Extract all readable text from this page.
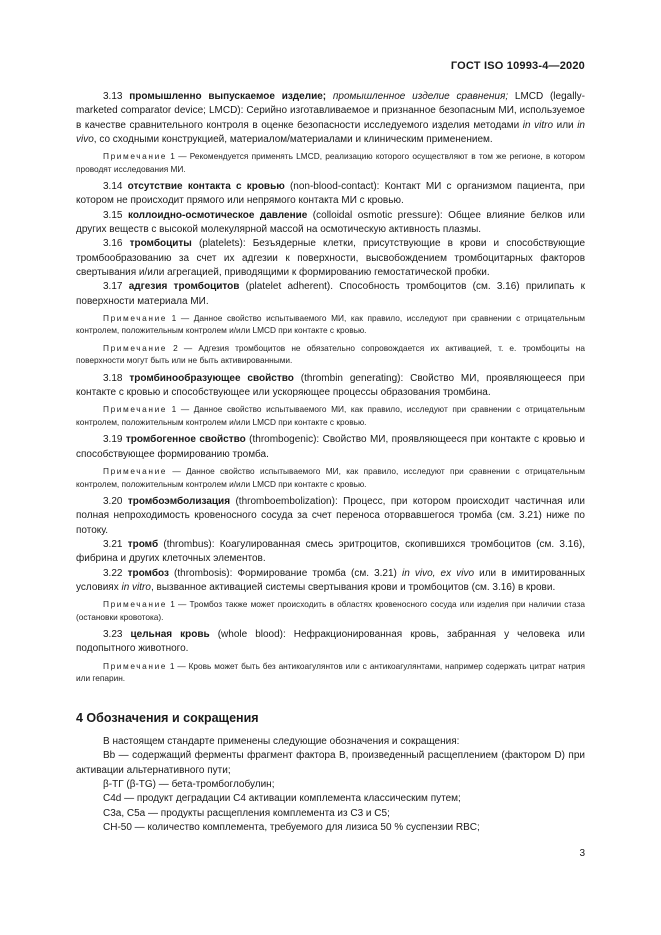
ГОСТ ISO 10993-4—2020

3.13 промышленно выпускаемое изделие; промышленное изделие сравнения; LMCD (legally-marketed comparator device; LMCD): Серийно изготавливаемое и признанное безопасным МИ, используемое в качестве сравнительного контроля в оценке безопасности исследуемого изделия методами in vitro или in vivo, со сходными конструкцией, материалом/материалами и клиническим применением.

Примечание 1 — Рекомендуется применять LMCD, реализацию которого осуществляют в том же регионе, в котором проводят исследования МИ.

3.14 отсутствие контакта с кровью (non-blood-contact): Контакт МИ с организмом пациента, при котором не происходит прямого или непрямого контакта МИ с кровью.

3.15 коллоидно-осмотическое давление (colloidal osmotic pressure): Общее влияние белков или других веществ с высокой молекулярной массой на осмотическую активность плазмы.

3.16 тромбоциты (platelets): Безъядерные клетки, присутствующие в крови и способствующие тромбообразованию за счет их адгезии к поверхности, высвобождением тромбоцитарных факторов свертывания и/или агрегацией, приводящими к формированию гемостатической пробки.

3.17 адгезия тромбоцитов (platelet adherent). Способность тромбоцитов (см. 3.16) прилипать к поверхности материала МИ.

Примечание 1 — Данное свойство испытываемого МИ, как правило, исследуют при сравнении с отрицательным контролем, положительным контролем и/или LMCD при контакте с кровью.

Примечание 2 — Адгезия тромбоцитов не обязательно сопровождается их активацией, т. е. тромбоциты на поверхности могут быть или не быть активированными.

3.18 тромбинообразующее свойство (thrombin generating): Свойство МИ, проявляющееся при контакте с кровью и способствующее или ускоряющее процессы образования тромбина.

Примечание 1 — Данное свойство испытываемого МИ, как правило, исследуют при сравнении с отрицательным контролем, положительным контролем и/или LMCD при контакте с кровью.

3.19 тромбогенное свойство (thrombogenic): Свойство МИ, проявляющееся при контакте с кровью и способствующее формированию тромба.

Примечание — Данное свойство испытываемого МИ, как правило, исследуют при сравнении с отрицательным контролем, положительным контролем и/или LMCD при контакте с кровью.

3.20 тромбоэмболизация (thromboembolization): Процесс, при котором происходит частичная или полная непроходимость кровеносного сосуда за счет переноса оторвавшегося тромба (см. 3.21) ниже по потоку.

3.21 тромб (thrombus): Коагулированная смесь эритроцитов, скопившихся тромбоцитов (см. 3.16), фибрина и других клеточных элементов.

3.22 тромбоз (thrombosis): Формирование тромба (см. 3.21) in vivo, ex vivo или в имитированных условиях in vitro, вызванное активацией системы свертывания крови и тромбоцитов (см. 3.16) в крови.

Примечание 1 — Тромбоз также может происходить в областях кровеносного сосуда или изделия при наличии стаза (остановки кровотока).

3.23 цельная кровь (whole blood): Нефракционированная кровь, забранная у человека или подопытного животного.

Примечание 1 — Кровь может быть без антикоагулянтов или с антикоагулянтами, например содержать цитрат натрия или гепарин.

4 Обозначения и сокращения

В настоящем стандарте применены следующие обозначения и сокращения:

Bb — содержащий ферменты фрагмент фактора B, произведенный расщеплением (фактором D) при активации альтернативного пути;

β-ТГ (β-TG) — бета-тромбоглобулин;

C4d — продукт деградации C4 активации комплемента классическим путем;

C3a, C5a — продукты расщепления комплемента из C3 и C5;

CH-50 — количество комплемента, требуемого для лизиса 50 % суспензии RBC;

3
